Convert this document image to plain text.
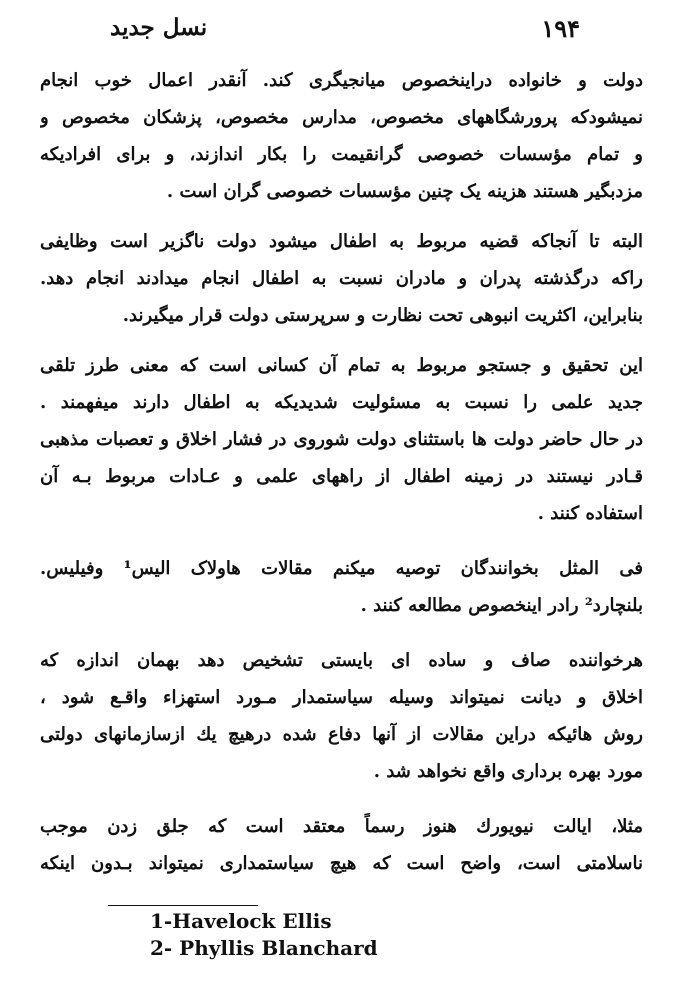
نسل جدید	۱۹۴
دولت و خانواده دراینخصوص میانجیگری کند. آنقدر اعمال خوب انجام
نمیشودکه پرورشگاههای مخصوص، مدارس مخصوص، پزشکان مخصوص و
و تمام مؤسسات خصوصی گرانقیمت را بکار اندازند، و برای افرادیکه
مزدبگیر هستند هزینه یک چنین مؤسسات خصوصی گران است .
البته تا آنجاکه قضیه مربوط به اطفال میشود دولت ناگزیر است وظایفی
راکه درگذشته پدران و مادران نسبت به اطفال انجام میدادند انجام دهد.
بنابراین، اکثریت انبوهی تحت نظارت و سرپرستی دولت قرار میگیرند.
این تحقیق و جستجو مربوط به تمام آن کسانی است که معنی طرز تلقی
جدید علمی را نسبت به مسئولیت شدیدیکه به اطفال دارند میفهمند .
در حال حاضر دولت ها باستثنای دولت شوروی در فشار اخلاق و تعصبات مذهبی
قـادر نیستند در زمینه اطفال از راههای علمی و عـادات مربوط بـه آن
استفاده کنند .
فی المثل بخوانندگان توصیه میکنم مقالات هاولاک الیس¹ وفیلیس.
بلنچارد² رادر اینخصوص مطالعه کنند .
هرخواننده صاف و ساده ای بایستی تشخیص دهد بهمان اندازه که
اخلاق و دیانت نمیتواند وسیله سیاستمدار مـورد استهزاء واقـع شود ،
روش هائیکه دراین مقالات از آنها دفاع شده درهیچ یك ازسازمانهای دولتی
مورد بهره برداری واقع نخواهد شد .
مثلا، ایالت نیویورك هنوز رسماً معتقد است که جلق زدن موجب
ناسلامتی است، واضح است که هیچ سیاستمداری نمیتواند بـدون اینکه
1-Havelock Ellis
2- Phyllis Blanchard
